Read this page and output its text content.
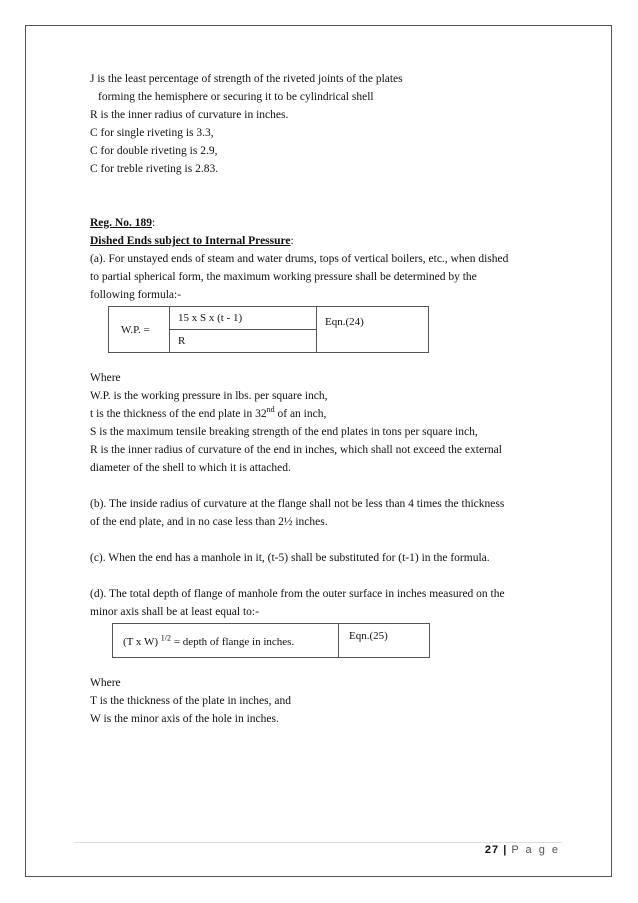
J is the least percentage of strength of the riveted joints of the plates
forming the hemisphere or securing it to be cylindrical shell
R is the inner radius of curvature in inches.
C for single riveting is 3.3,
C for double riveting is 2.9,
C for treble riveting is 2.83.
Reg. No. 189:
Dished Ends subject to Internal Pressure:
(a). For unstayed ends of steam and water drums, tops of vertical boilers, etc., when dished
to partial spherical form, the maximum working pressure shall be determined by the
following formula:-
W.P. =	15 x S x (t - 1)	Eqn.(24)
R
Where
W.P. is the working pressure in lbs. per square inch,
t is the thickness of the end plate in 32nd of an inch,
S is the maximum tensile breaking strength of the end plates in tons per square inch,
R is the inner radius of curvature of the end in inches, which shall not exceed the external
diameter of the shell to which it is attached.
(b). The inside radius of curvature at the flange shall not be less than 4 times the thickness
of the end plate, and in no case less than 2½ inches.
(c). When the end has a manhole in it, (t-5) shall be substituted for (t-1) in the formula.
(d). The total depth of flange of manhole from the outer surface in inches measured on the
minor axis shall be at least equal to:-
(T x W) $^{1/2}$ = depth of flange in inches.	Eqn.(25)
Where
T is the thickness of the plate in inches, and
W is the minor axis of the hole in inches.
27 | P a g e
